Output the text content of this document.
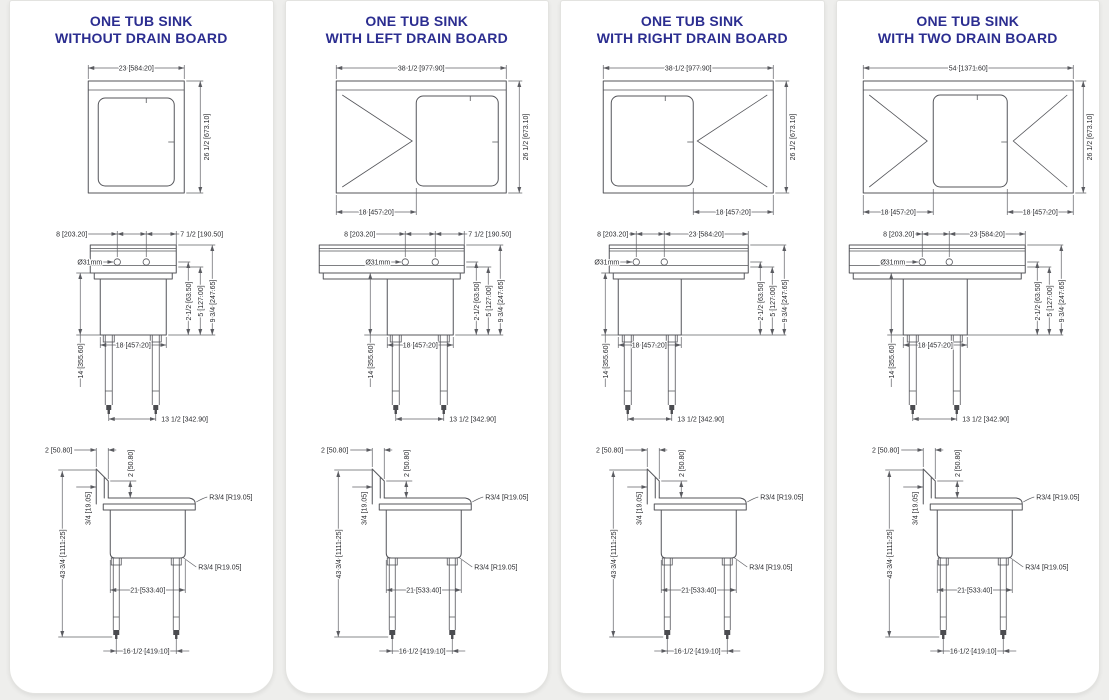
ONE TUB SINK
WITHOUT DRAIN BOARD
23 [584.20]
26 1/2 [673.10]
8 [203.20]	7 1/2 [190.50]
Ø31mm
2 1/2 [63.50] 5 [127.00] 9 3/4 [247.65]
14 [355.60]	18 [457.20]
13 1/2 [342.90]
2 [50.80]	2 [50.80]
3/4 [19.05]	R3/4 [R19.05]
R3/4 [R19.05]
21 [533.40]
43 3/4 [1111.25]
16 1/2 [419.10]
ONE TUB SINK
WITH LEFT DRAIN BOARD
38 1/2 [977.90]
26 1/2 [673.10]
18 [457.20]
8 [203.20]	7 1/2 [190.50]
Ø31mm
2 1/2 [63.50] 5 [127.00] 9 3/4 [247.65]
14 [355.60]	18 [457.20]
13 1/2 [342.90]
2 [50.80]	2 [50.80]
3/4 [19.05]	R3/4 [R19.05]
R3/4 [R19.05]
21 [533.40]
43 3/4 [1111.25]
16 1/2 [419.10]
ONE TUB SINK
WITH RIGHT DRAIN BOARD
38 1/2 [977.90]
26 1/2 [673.10]
18 [457.20]
8 [203.20]	23 [584.20]
Ø31mm
2 1/2 [63.50] 5 [127.00] 9 3/4 [247.65]
14 [355.60]	18 [457.20]
13 1/2 [342.90]
2 [50.80]	2 [50.80]
3/4 [19.05]	R3/4 [R19.05]
R3/4 [R19.05]
21 [533.40]
43 3/4 [1111.25]
16 1/2 [419.10]
ONE TUB SINK
WITH TWO DRAIN BOARD
54 [1371.60]
26 1/2 [673.10]
18 [457.20]	18 [457.20]
8 [203.20]	23 [584.20]
Ø31mm
2 1/2 [63.50] 5 [127.00] 9 3/4 [247.65]
14 [355.60]	18 [457.20]
13 1/2 [342.90]
2 [50.80]	2 [50.80]
3/4 [19.05]	R3/4 [R19.05]
R3/4 [R19.05]
21 [533.40]
43 3/4 [1111.25]
16 1/2 [419.10]
